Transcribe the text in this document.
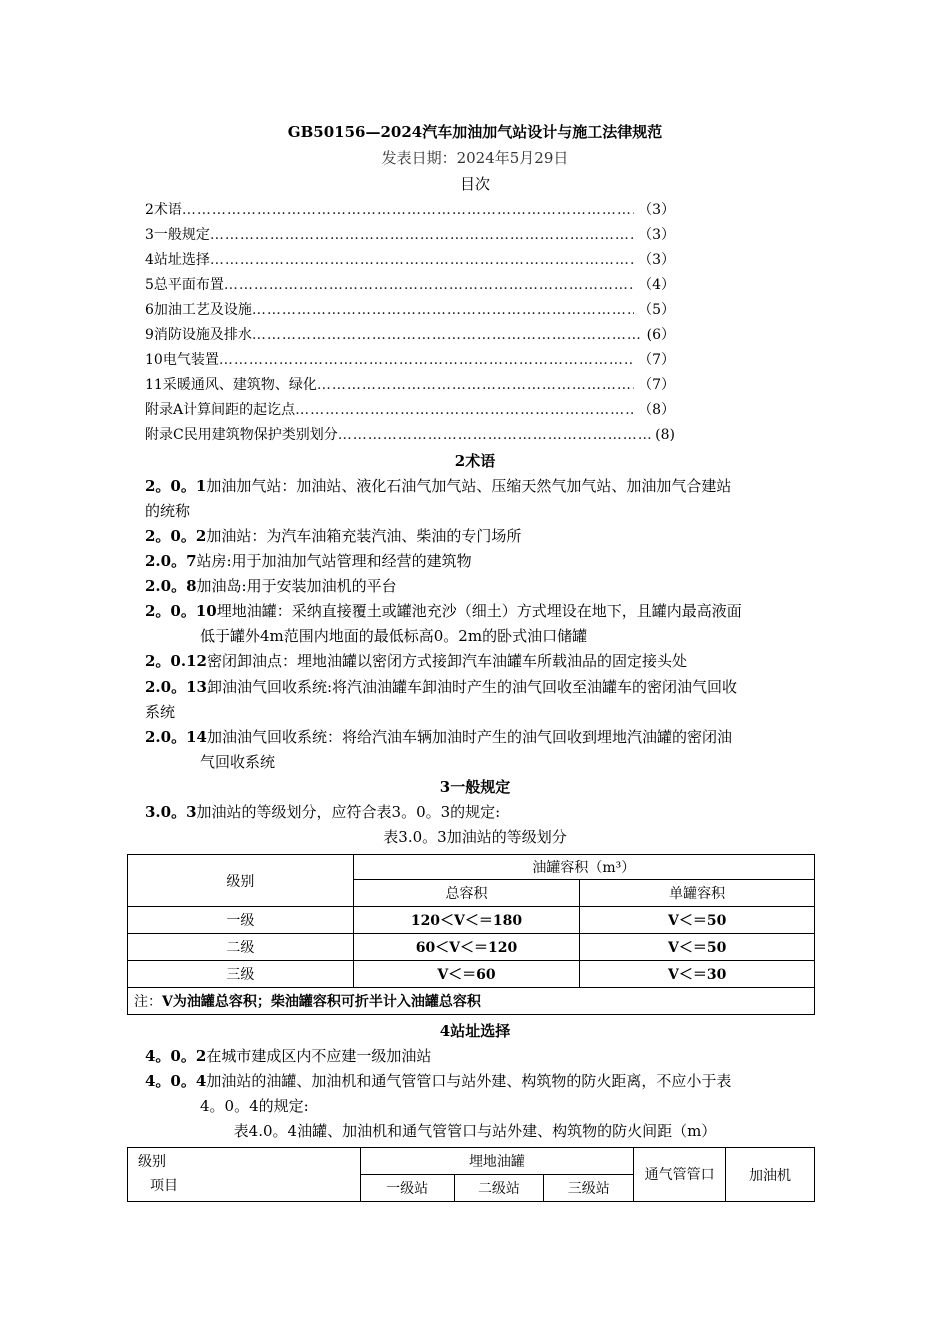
GB50156—2024汽车加油加气站设计与施工法律规范
发表日期：2024年5月29日
目次
2术语 …………………………………………………………………………………………………………………………………………………	（3）
3一般规定 …………………………………………………………………………………………………………………………………………………	（3）
4站址选择 …………………………………………………………………………………………………………………………………………………	（3）
5总平面布置 …………………………………………………………………………………………………………………………………………………	（4）
6加油工艺及设施 …………………………………………………………………………………………………………………………………………………	（5）
9消防设施及排水 …………………………………………………………………………………………………………………………………………………	(6）
10电气装置 …………………………………………………………………………………………………………………………………………………	（7）
11采暖通风、建筑物、绿化 …………………………………………………………………………………………………………………………………………………	（7）
附录A计算间距的起讫点 …………………………………………………………………………………………………………………………………………………	（8）
附录C民用建筑物保护类别划分 …………………………………………………………………………………………………………………………………………………	(8)
2术语
2。0。1加油加气站：加油站、液化石油气加气站、压缩天然气加气站、加油加气合建站
的统称
2。0。2加油站：为汽车油箱充装汽油、柴油的专门场所
2.0。7站房:用于加油加气站管理和经营的建筑物
2.0。8加油岛:用于安装加油机的平台
2。0。10埋地油罐：采纳直接覆土或罐池充沙（细土）方式埋设在地下，且罐内最高液面
低于罐外4m范围内地面的最低标高0。2m的卧式油口储罐
2。0.12密闭卸油点：埋地油罐以密闭方式接卸汽车油罐车所载油品的固定接头处
2.0。13卸油油气回收系统:将汽油油罐车卸油时产生的油气回收至油罐车的密闭油气回收
系统
2.0。14加油油气回收系统：将给汽油车辆加油时产生的油气回收到埋地汽油罐的密闭油
气回收系统
3一般规定
3.0。3加油站的等级划分，应符合表3。0。3的规定:
表3.0。3加油站的等级划分
级别	油罐容积（m³）	
	总容积	单罐容积
一级	120＜V＜＝180	V＜＝50
二级	60＜V＜＝120	V＜＝50
三级	V＜＝60	V＜＝30
注：V为油罐总容积；柴油罐容积可折半计入油罐总容积		
4站址选择
4。0。2在城市建成区内不应建一级加油站
4。0。4加油站的油罐、加油机和通气管管口与站外建、构筑物的防火距离，不应小于表
4。0。4的规定:
表4.0。4油罐、加油机和通气管管口与站外建、构筑物的防火间距（m）
级别
项目	埋地油罐			通气管管口	加油机
	一级站	二级站	三级站		
